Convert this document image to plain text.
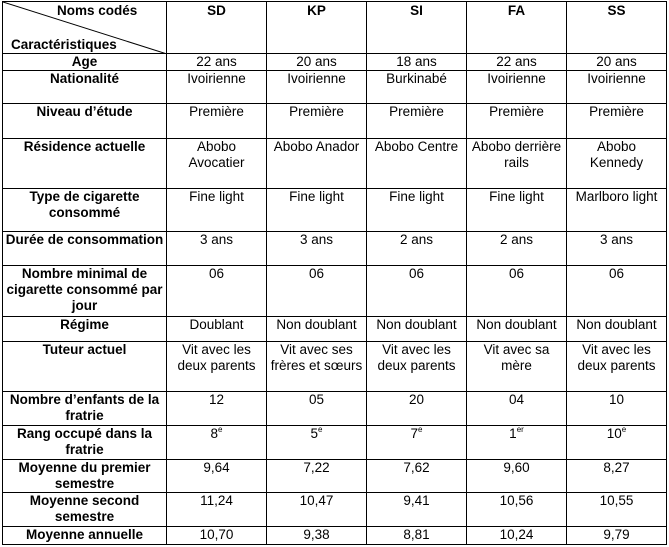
Noms codés
Caractéristiques	SD	KP	SI	FA	SS
Age	22 ans	20 ans	18 ans	22 ans	20 ans
Nationalité	Ivoirienne	Ivoirienne	Burkinabé	Ivoirienne	Ivoirienne
Niveau d’étude	Première	Première	Première	Première	Première
Résidence actuelle	Abobo Avocatier	Abobo Anador	Abobo Centre	Abobo derrière rails	Abobo Kennedy
Type de cigarette consommé	Fine light	Fine light	Fine light	Fine light	Marlboro light
Durée de consommation	3 ans	3 ans	2 ans	2 ans	3 ans
Nombre minimal de cigarette consommé par jour	06	06	06	06	06
Régime	Doublant	Non doublant	Non doublant	Non doublant	Non doublant
Tuteur actuel	Vit avec les deux parents	Vit avec ses frères et sœurs	Vit avec les deux parents	Vit avec sa mère	Vit avec les deux parents
Nombre d’enfants de la fratrie	12	05	20	04	10
Rang occupé dans la fratrie	8e	5e	7e	1er	10e
Moyenne du premier semestre	9,64	7,22	7,62	9,60	8,27
Moyenne second semestre	11,24	10,47	9,41	10,56	10,55
Moyenne annuelle	10,70	9,38	8,81	10,24	9,79
